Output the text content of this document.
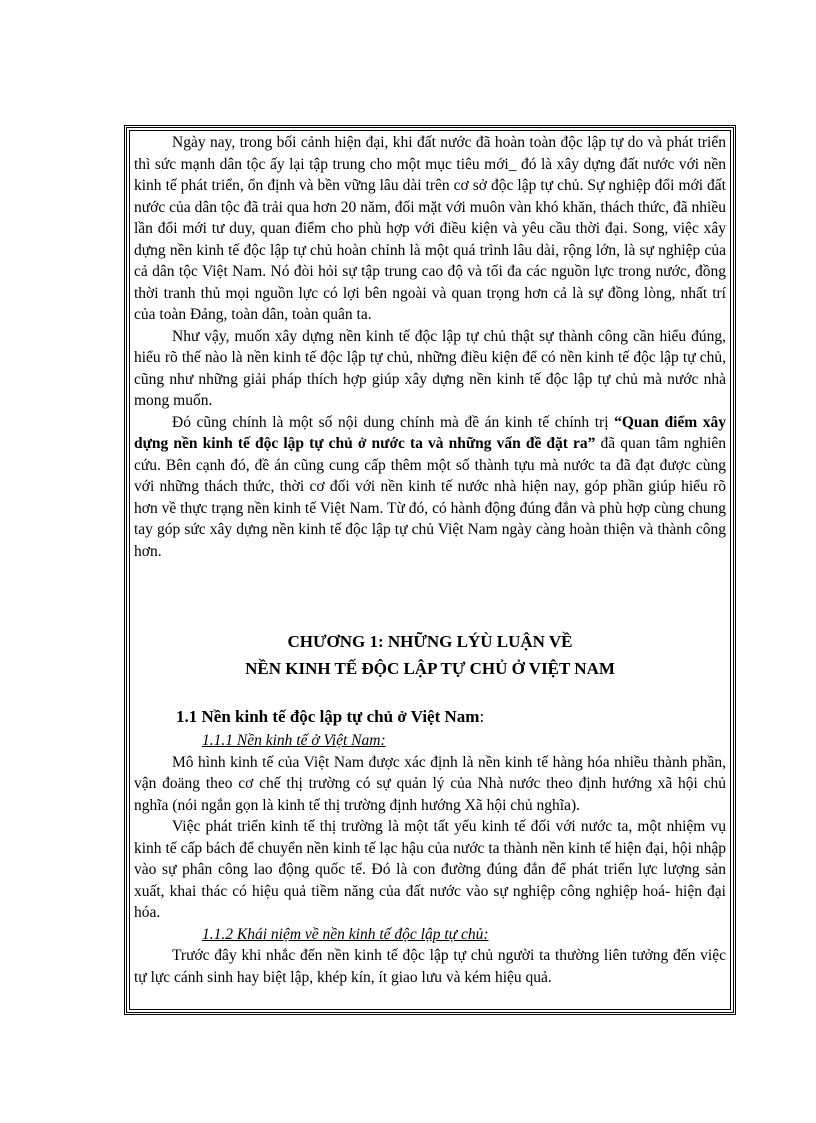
Ngày nay, trong bối cảnh hiện đại, khi đất nước đã hoàn toàn độc lập tự do và phát triển thì sức mạnh dân tộc ấy lại tập trung cho một mục tiêu mới_ đó là xây dựng đất nước với nền kinh tế phát triển, ổn định và bền vững lâu dài trên cơ sở độc lập tự chủ. Sự nghiệp đổi mới đất nước của dân tộc đã trải qua hơn 20 năm, đối mặt với muôn vàn khó khăn, thách thức, đã nhiều lần đổi mới tư duy, quan điểm cho phù hợp với điều kiện và yêu cầu thời đại. Song, việc xây dựng nền kinh tế độc lập tự chủ hoàn chỉnh là một quá trình lâu dài, rộng lớn, là sự nghiệp của cả dân tộc Việt Nam. Nó đòi hỏi sự tập trung cao độ và tối đa các nguồn lực trong nước, đồng thời tranh thủ mọi nguồn lực có lợi bên ngoài và quan trọng hơn cả là sự đồng lòng, nhất trí của toàn Đảng, toàn dân, toàn quân ta.

Như vậy, muốn xây dựng nền kinh tế độc lập tự chủ thật sự thành công cần hiểu đúng, hiểu rõ thế nào là nền kinh tế độc lập tự chủ, những điều kiện để có nền kinh tế độc lập tự chủ, cũng như những giải pháp thích hợp giúp xây dựng nền kinh tế độc lập tự chủ mà nước nhà mong muốn.

Đó cũng chính là một số nội dung chính mà đề án kinh tế chính trị “Quan điểm xây dựng nền kinh tế độc lập tự chủ ở nước ta và những vấn đề đặt ra” đã quan tâm nghiên cứu. Bên cạnh đó, đề án cũng cung cấp thêm một số thành tựu mà nước ta đã đạt được cùng với những thách thức, thời cơ đối với nền kinh tế nước nhà hiện nay, góp phần giúp hiểu rõ hơn về thực trạng nền kinh tế Việt Nam. Từ đó, có hành động đúng đắn và phù hợp cùng chung tay góp sức xây dựng nền kinh tế độc lập tự chủ Việt Nam ngày càng hoàn thiện và thành công hơn.

CHƯƠNG 1: NHỮNG LÝÙ LUẬN VỀ
NỀN KINH TẾ ĐỘC LẬP TỰ CHỦ Ở VIỆT NAM
1.1 Nền kinh tế độc lập tự chủ ở Việt Nam:
1.1.1 Nền kinh tế ở Việt Nam:

Mô hình kinh tế của Việt Nam được xác định là nền kinh tế hàng hóa nhiều thành phần, vận đoäng theo cơ chế thị trường có sự quản lý của Nhà nước theo định hướng xã hội chủ nghĩa (nói ngắn gọn là kinh tế thị trường định hướng Xã hội chủ nghĩa).

Việc phát triển kinh tế thị trường là một tất yếu kinh tế đối với nước ta, một nhiệm vụ kinh tế cấp bách để chuyển nền kinh tế lạc hậu của nước ta thành nền kinh tế hiện đại, hội nhập vào sự phân công lao động quốc tế. Đó là con đường đúng đắn để phát triển lực lượng sản xuất, khai thác có hiệu quả tiềm năng của đất nước vào sự nghiệp công nghiệp hoá- hiện đại hóa.

1.1.2 Khái niệm về nền kinh tế độc lập tự chủ:

Trước đây khi nhắc đến nền kinh tế độc lập tự chủ người ta thường liên tưởng đến việc tự lực cánh sinh hay biệt lập, khép kín, ít giao lưu và kém hiệu quả.
